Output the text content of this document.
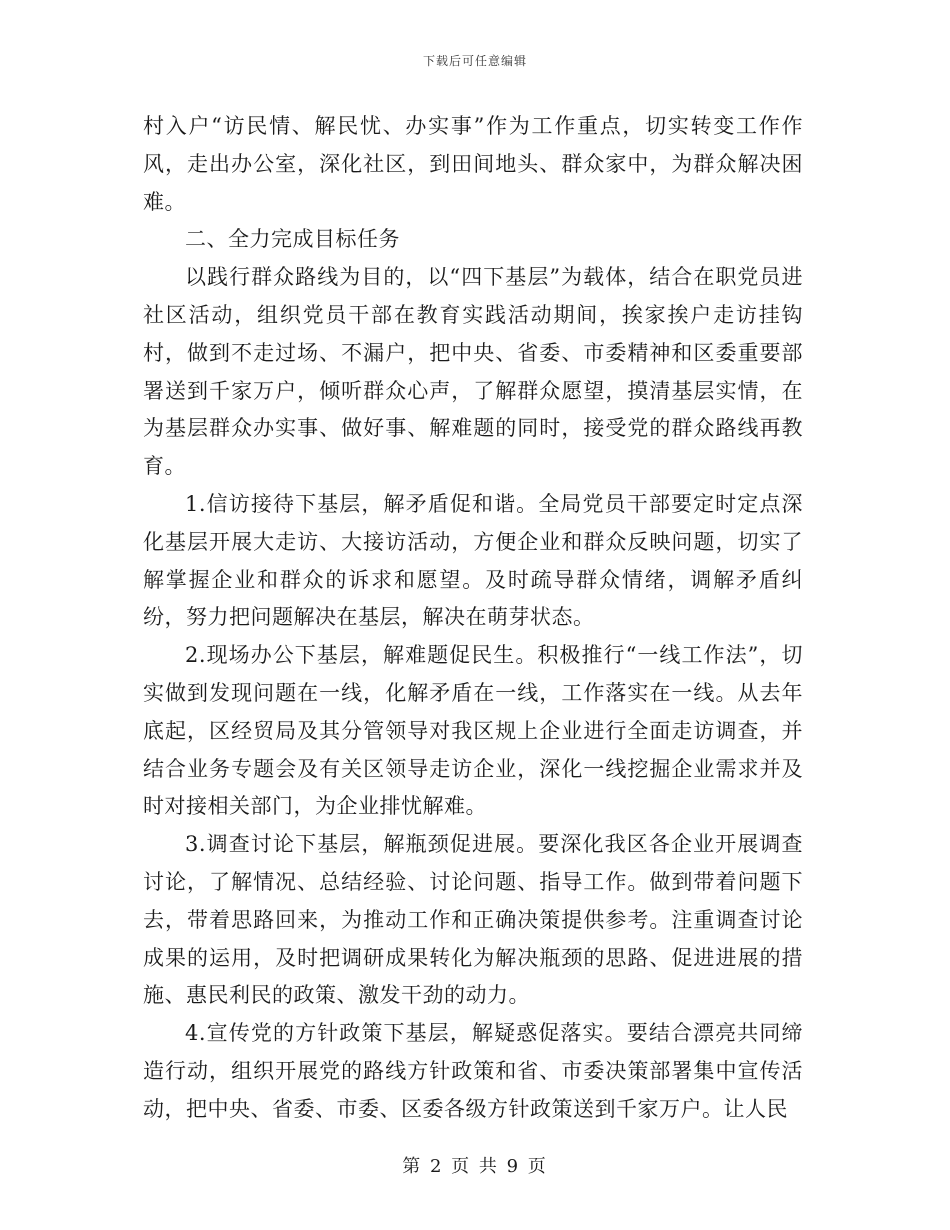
下载后可任意编辑

村入户“访民情、解民忧、办实事”作为工作重点，切实转变工作作风，走出办公室，深化社区，到田间地头、群众家中，为群众解决困难。

二、全力完成目标任务

以践行群众路线为目的，以“四下基层”为载体，结合在职党员进社区活动，组织党员干部在教育实践活动期间，挨家挨户走访挂钩村，做到不走过场、不漏户，把中央、省委、市委精神和区委重要部署送到千家万户，倾听群众心声，了解群众愿望，摸清基层实情，在为基层群众办实事、做好事、解难题的同时，接受党的群众路线再教育。

1.信访接待下基层，解矛盾促和谐。全局党员干部要定时定点深化基层开展大走访、大接访活动，方便企业和群众反映问题，切实了解掌握企业和群众的诉求和愿望。及时疏导群众情绪，调解矛盾纠纷，努力把问题解决在基层，解决在萌芽状态。

2.现场办公下基层，解难题促民生。积极推行“一线工作法”，切实做到发现问题在一线，化解矛盾在一线，工作落实在一线。从去年底起，区经贸局及其分管领导对我区规上企业进行全面走访调查，并结合业务专题会及有关区领导走访企业，深化一线挖掘企业需求并及时对接相关部门，为企业排忧解难。

3.调查讨论下基层，解瓶颈促进展。要深化我区各企业开展调查讨论，了解情况、总结经验、讨论问题、指导工作。做到带着问题下去，带着思路回来，为推动工作和正确决策提供参考。注重调查讨论成果的运用，及时把调研成果转化为解决瓶颈的思路、促进进展的措施、惠民利民的政策、激发干劲的动力。

4.宣传党的方针政策下基层，解疑惑促落实。要结合漂亮共同缔造行动，组织开展党的路线方针政策和省、市委决策部署集中宣传活动，把中央、省委、市委、区委各级方针政策送到千家万户。让人民

第 2 页 共 9 页
